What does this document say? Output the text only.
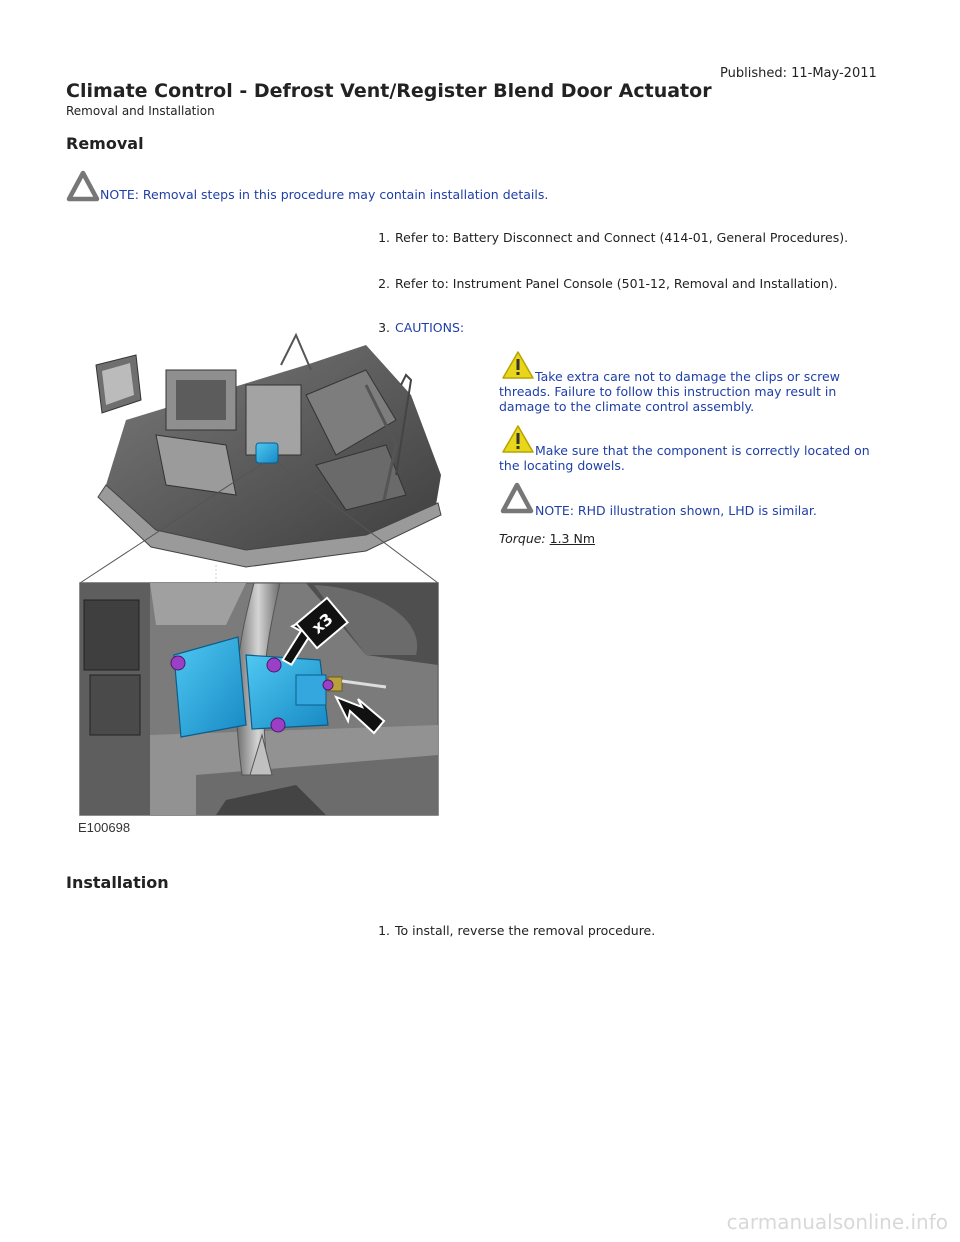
Published: 11-May-2011
Climate Control - Defrost Vent/Register Blend Door Actuator
Removal and Installation
Removal
NOTE: Removal steps in this procedure may contain installation details.
1. Refer to: Battery Disconnect and Connect (414-01, General Procedures).
2. Refer to: Instrument Panel Console (501-12, Removal and Installation).
3. CAUTIONS:
Take extra care not to damage the clips or screw threads. Failure to follow this instruction may result in damage to the climate control assembly.
Make sure that the component is correctly located on the locating dowels.
NOTE: RHD illustration shown, LHD is similar.
Torque: 1.3 Nm
x3
E100698
Installation
1. To install, reverse the removal procedure.
carmanualsonline.info
